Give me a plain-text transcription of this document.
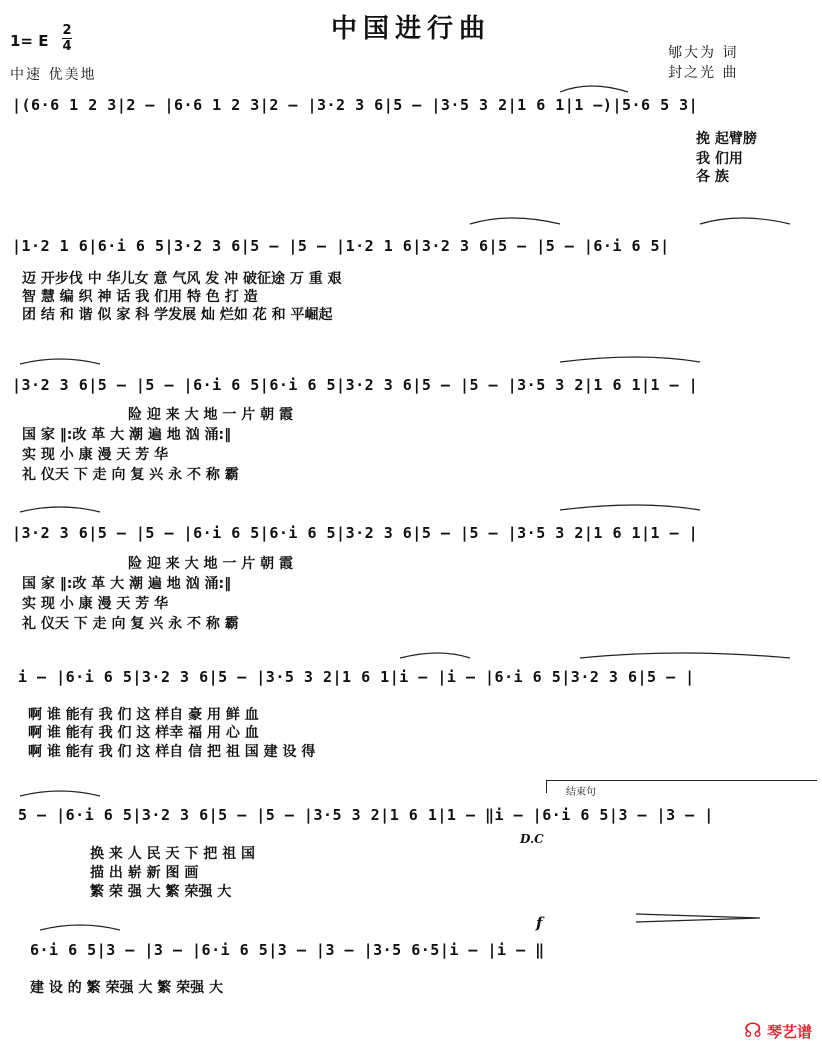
中国进行曲
1= E
2
4
中速 优美地
郇大为 词
封之光 曲
|(6·6 1 2 3|2 – |6·6 1 2 3|2 – |3·2 3 6|5 – |3·5 3 2|1 6 1|1 –)|5·6 5 3|
挽 起臂膀
我 们用
各 族
|1·2 1 6|6·i 6 5|3·2 3 6|5 – |5 – |1·2 1 6|3·2 3 6|5 – |5 – |6·i 6 5|
迈 开步伐 中 华儿女 意 气风 发 冲 破征途 万 重 艰
智 慧 编 织 神 话 我 们用 特 色 打 造
团 结 和 谐 似 家 科 学发展 灿 烂如 花 和 平崛起
|3·2 3 6|5 – |5 – |6·i 6 5|6·i 6 5|3·2 3 6|5 – |5 – |3·5 3 2|1 6 1|1 – |
险 迎 来 大 地 一 片 朝 霞
国 家 ‖:改 革 大 潮 遍 地 汹 涌:‖
实 现 小 康 漫 天 芳 华
礼 仪天 下 走 向 复 兴 永 不 称 霸
|3·2 3 6|5 – |5 – |6·i 6 5|6·i 6 5|3·2 3 6|5 – |5 – |3·5 3 2|1 6 1|1 – |
险 迎 来 大 地 一 片 朝 霞
国 家 ‖:改 革 大 潮 遍 地 汹 涌:‖
实 现 小 康 漫 天 芳 华
礼 仪天 下 走 向 复 兴 永 不 称 霸
i – |6·i 6 5|3·2 3 6|5 – |3·5 3 2|1 6 1|i – |i – |6·i 6 5|3·2 3 6|5 – |
啊 谁 能有 我 们 这 样自 豪 用 鲜 血
啊 谁 能有 我 们 这 样幸 福 用 心 血
啊 谁 能有 我 们 这 样自 信 把 祖 国 建 设 得
结束句
5 – |6·i 6 5|3·2 3 6|5 – |5 – |3·5 3 2|1 6 1|1 – ‖i – |6·i 6 5|3 – |3 – |
D.C
换 来 人 民 天 下 把 祖 国
描 出 崭 新 图 画
繁 荣 强 大 繁 荣强 大
f
6·i 6 5|3 – |3 – |6·i 6 5|3 – |3 – |3·5 6·5|i – |i – ‖
建 设 的 繁 荣强 大 繁 荣强 大
☊ 琴艺谱
